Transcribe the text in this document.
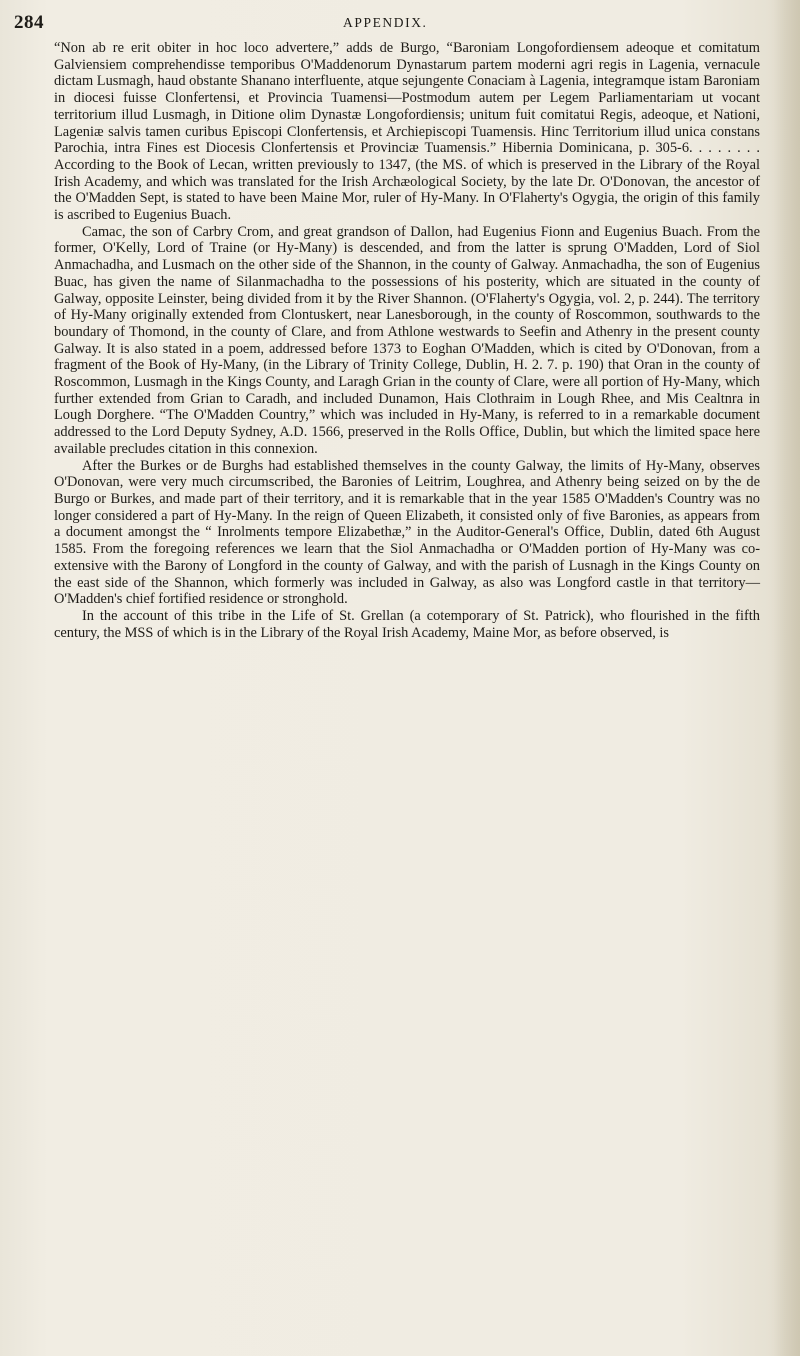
284	APPENDIX.

“Non ab re erit obiter in hoc loco advertere,” adds de Burgo, “Baroniam Longofordiensem adeoque et comitatum Galviensiem comprehendisse temporibus O'Maddenorum Dynastarum partem moderni agri regis in Lagenia, vernacule dictam Lusmagh, haud obstante Shanano interfluente, atque sejungente Conaciam à Lagenia, integramque istam Baroniam in diocesi fuisse Clonfertensi, et Provincia Tuamensi—Postmodum autem per Legem Parliamentariam ut vocant territorium illud Lusmagh, in Ditione olim Dynastæ Longofordiensis; unitum fuit comitatui Regis, adeoque, et Nationi, Lageniæ salvis tamen curibus Episcopi Clonfertensis, et Archiepiscopi Tuamensis. Hinc Territorium illud unica constans Parochia, intra Fines est Diocesis Clonfertensis et Provinciæ Tuamensis.” Hibernia Dominicana, p. 305-6. . . . . . . . According to the Book of Lecan, written previously to 1347, (the MS. of which is preserved in the Library of the Royal Irish Academy, and which was translated for the Irish Archæological Society, by the late Dr. O'Donovan, the ancestor of the O'Madden Sept, is stated to have been Maine Mor, ruler of Hy-Many. In O'Flaherty's Ogygia, the origin of this family is ascribed to Eugenius Buach.

Camac, the son of Carbry Crom, and great grandson of Dallon, had Eugenius Fionn and Eugenius Buach. From the former, O'Kelly, Lord of Traine (or Hy-Many) is descended, and from the latter is sprung O'Madden, Lord of Siol Anmachadha, and Lusmach on the other side of the Shannon, in the county of Galway. Anmachadha, the son of Eugenius Buac, has given the name of Silanmachadha to the possessions of his posterity, which are situated in the county of Galway, opposite Leinster, being divided from it by the River Shannon. (O'Flaherty's Ogygia, vol. 2, p. 244). The territory of Hy-Many originally extended from Clontuskert, near Lanesborough, in the county of Roscommon, southwards to the boundary of Thomond, in the county of Clare, and from Athlone westwards to Seefin and Athenry in the present county Galway. It is also stated in a poem, addressed before 1373 to Eoghan O'Madden, which is cited by O'Donovan, from a fragment of the Book of Hy-Many, (in the Library of Trinity College, Dublin, H. 2. 7. p. 190) that Oran in the county of Roscommon, Lusmagh in the Kings County, and Laragh Grian in the county of Clare, were all portion of Hy-Many, which further extended from Grian to Caradh, and included Dunamon, Hais Clothraim in Lough Rhee, and Mis Cealtnra in Lough Dorghere. “The O'Madden Country,” which was included in Hy-Many, is referred to in a remarkable document addressed to the Lord Deputy Sydney, A.D. 1566, preserved in the Rolls Office, Dublin, but which the limited space here available precludes citation in this connexion.

After the Burkes or de Burghs had established themselves in the county Galway, the limits of Hy-Many, observes O'Donovan, were very much circumscribed, the Baronies of Leitrim, Loughrea, and Athenry being seized on by the de Burgo or Burkes, and made part of their territory, and it is remarkable that in the year 1585 O'Madden's Country was no longer considered a part of Hy-Many. In the reign of Queen Elizabeth, it consisted only of five Baronies, as appears from a document amongst the “ Inrolments tempore Elizabethæ,” in the Auditor-General's Office, Dublin, dated 6th August 1585. From the foregoing references we learn that the Siol Anmachadha or O'Madden portion of Hy-Many was co-extensive with the Barony of Longford in the county of Galway, and with the parish of Lusnagh in the Kings County on the east side of the Shannon, which formerly was included in Galway, as also was Longford castle in that territory—O'Madden's chief fortified residence or stronghold.

In the account of this tribe in the Life of St. Grellan (a cotemporary of St. Patrick), who flourished in the fifth century, the MSS of which is in the Library of the Royal Irish Academy, Maine Mor, as before observed, is
